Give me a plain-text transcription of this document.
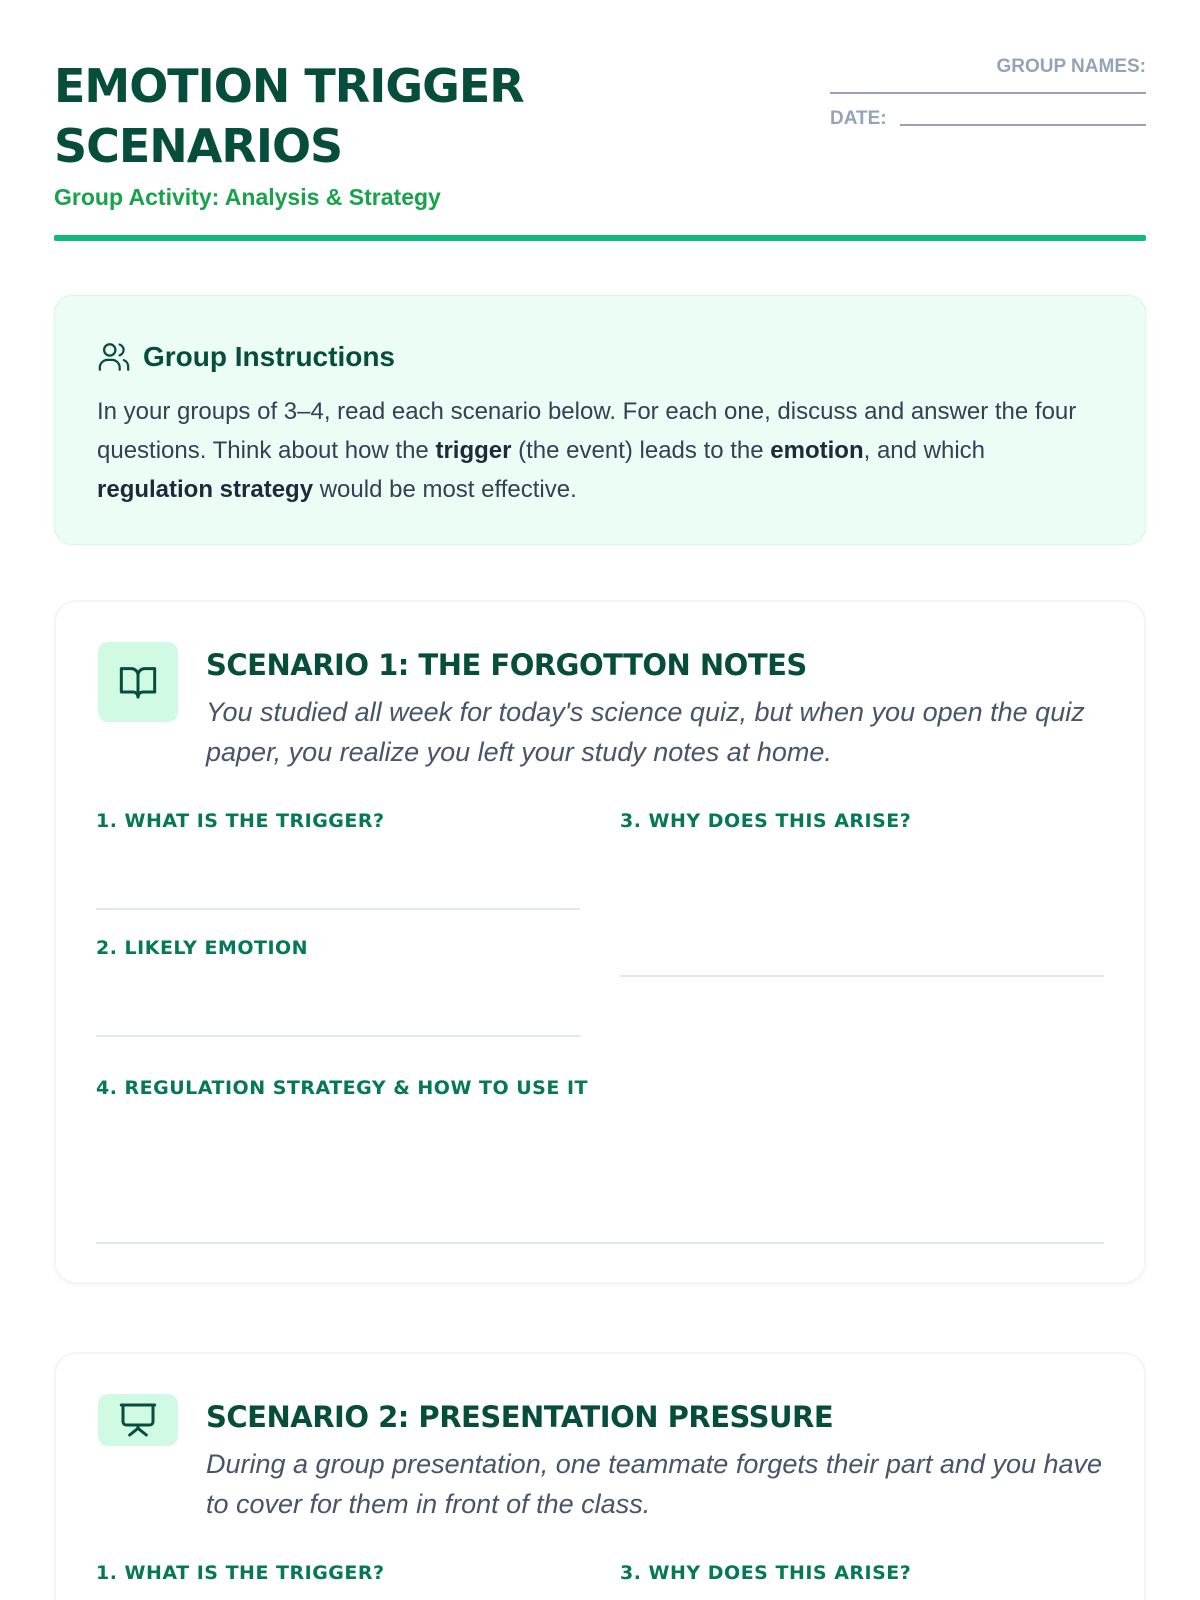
EMOTION TRIGGER
SCENARIOS
Group Activity: Analysis & Strategy
GROUP NAMES:
DATE:
Group Instructions

In your groups of 3–4, read each scenario below. For each one, discuss and answer the four questions. Think about how the trigger (the event) leads to the emotion, and which regulation strategy would be most effective.

SCENARIO 1: THE FORGOTTON NOTES
You studied all week for today's science quiz, but when you open the quiz paper, you realize you left your study notes at home.
1. WHAT IS THE TRIGGER?
2. LIKELY EMOTION
3. WHY DOES THIS ARISE?
4. REGULATION STRATEGY & HOW TO USE IT
SCENARIO 2: PRESENTATION PRESSURE
During a group presentation, one teammate forgets their part and you have to cover for them in front of the class.
1. WHAT IS THE TRIGGER?	3. WHY DOES THIS ARISE?
